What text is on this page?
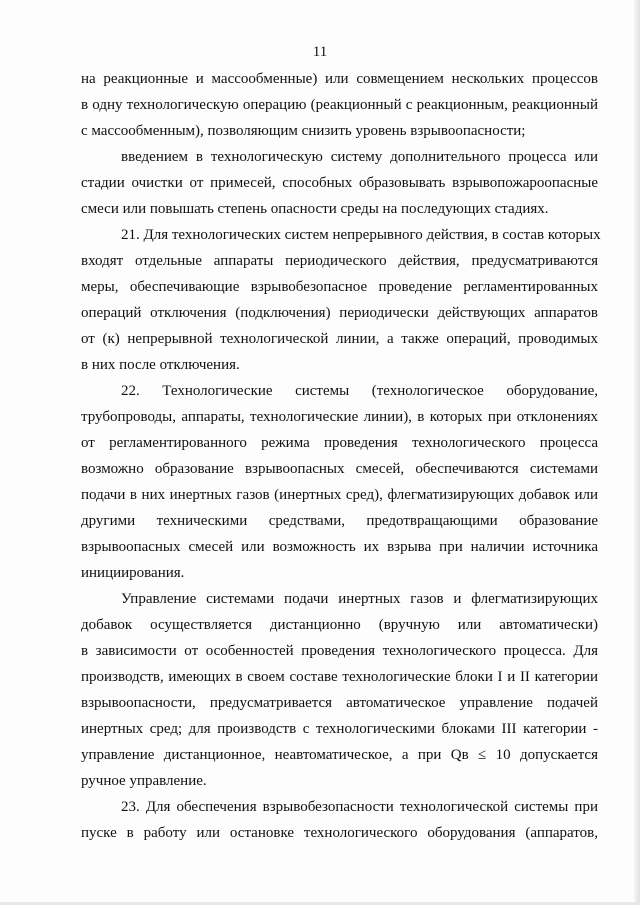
11
на реакционные и массообменные) или совмещением нескольких процессов
в одну технологическую операцию (реакционный с реакционным, реакционный
с массообменным), позволяющим снизить уровень взрывоопасности;
введением в технологическую систему дополнительного процесса или
стадии очистки от примесей, способных образовывать взрывопожароопасные
смеси или повышать степень опасности среды на последующих стадиях.
21. Для технологических систем непрерывного действия, в состав которых
входят отдельные аппараты периодического действия, предусматриваются
меры, обеспечивающие взрывобезопасное проведение регламентированных
операций отключения (подключения) периодически действующих аппаратов
от (к) непрерывной технологической линии, а также операций, проводимых
в них после отключения.
22. Технологические системы (технологическое оборудование,
трубопроводы, аппараты, технологические линии), в которых при отклонениях
от регламентированного режима проведения технологического процесса
возможно образование взрывоопасных смесей, обеспечиваются системами
подачи в них инертных газов (инертных сред), флегматизирующих добавок или
другими техническими средствами, предотвращающими образование
взрывоопасных смесей или возможность их взрыва при наличии источника
инициирования.
Управление системами подачи инертных газов и флегматизирующих
добавок осуществляется дистанционно (вручную или автоматически)
в зависимости от особенностей проведения технологического процесса. Для
производств, имеющих в своем составе технологические блоки I и II категории
взрывоопасности, предусматривается автоматическое управление подачей
инертных сред; для производств с технологическими блоками III категории -
управление дистанционное, неавтоматическое, а при Qв ≤ 10 допускается
ручное управление.
23. Для обеспечения взрывобезопасности технологической системы при
пуске в работу или остановке технологического оборудования (аппаратов,
